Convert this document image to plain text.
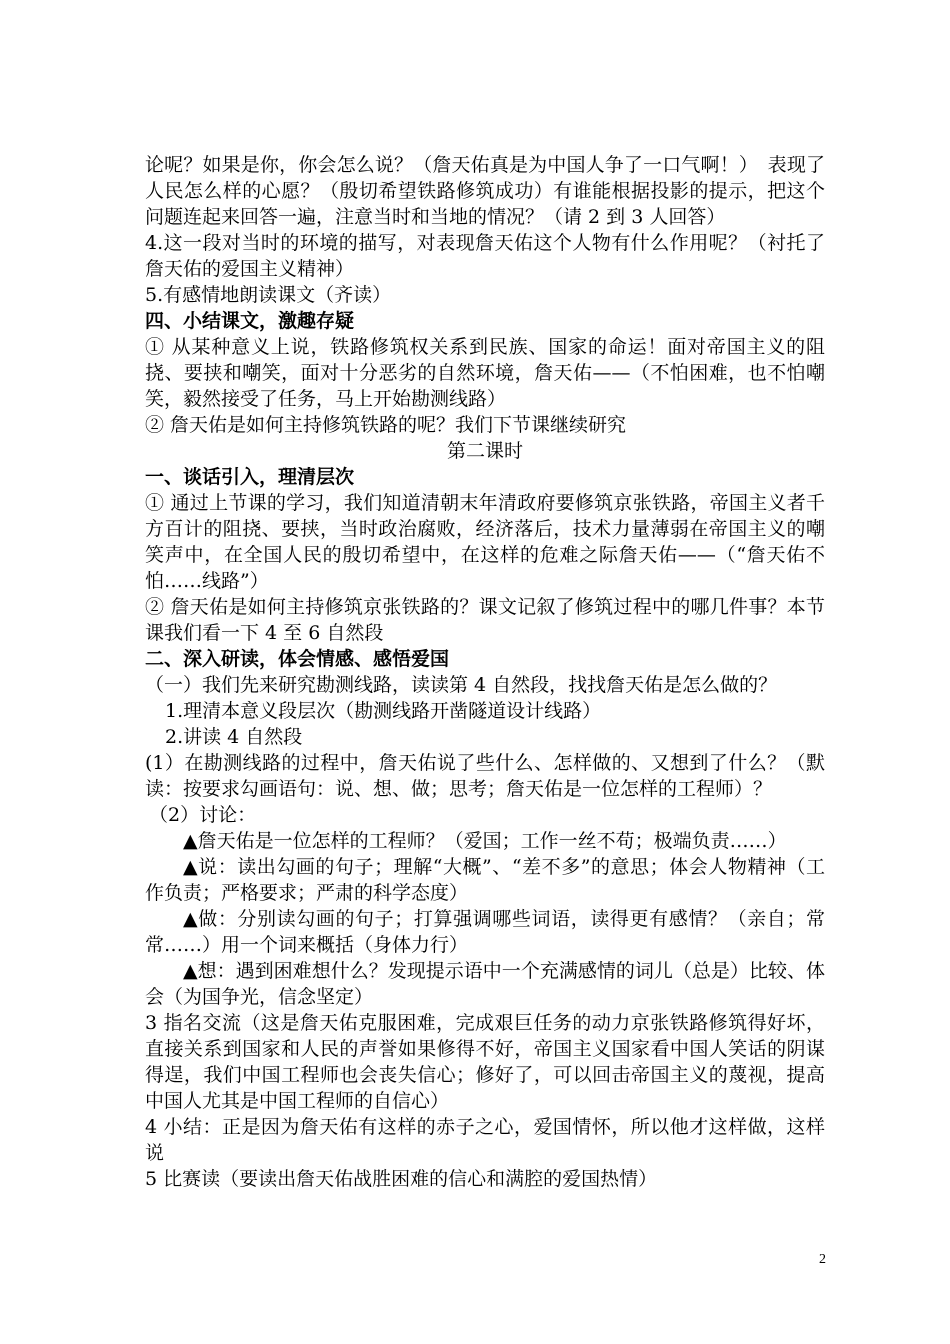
论呢？如果是你，你会怎么说？（詹天佑真是为中国人争了一口气啊！）　表现了人民怎么样的心愿？（殷切希望铁路修筑成功）有谁能根据投影的提示，把这个问题连起来回答一遍，注意当时和当地的情况？（请 2 到 3 人回答）
4.这一段对当时的环境的描写，对表现詹天佑这个人物有什么作用呢？（衬托了詹天佑的爱国主义精神）
5.有感情地朗读课文（齐读）
四、小结课文，激趣存疑
① 从某种意义上说，铁路修筑权关系到民族、国家的命运！面对帝国主义的阻挠、要挟和嘲笑，面对十分恶劣的自然环境，詹天佑——（不怕困难，也不怕嘲笑，毅然接受了任务，马上开始勘测线路）
② 詹天佑是如何主持修筑铁路的呢？我们下节课继续研究
第二课时
一、谈话引入，理清层次
① 通过上节课的学习，我们知道清朝末年清政府要修筑京张铁路，帝国主义者千方百计的阻挠、要挟，当时政治腐败，经济落后，技术力量薄弱在帝国主义的嘲笑声中，在全国人民的殷切希望中，在这样的危难之际詹天佑——（“詹天佑不怕……线路”）
② 詹天佑是如何主持修筑京张铁路的？课文记叙了修筑过程中的哪几件事？本节课我们看一下 4 至 6 自然段
二、深入研读，体会情感、感悟爱国
（一）我们先来研究勘测线路，读读第 4 自然段，找找詹天佑是怎么做的？
1.理清本意义段层次（勘测线路开凿隧道设计线路）
2.讲读 4 自然段
(1）在勘测线路的过程中，詹天佑说了些什么、怎样做的、又想到了什么？（默读：按要求勾画语句：说、想、做；思考；詹天佑是一位怎样的工程师）？
（2）讨论：
▲詹天佑是一位怎样的工程师？（爱国；工作一丝不苟；极端负责……）
▲说：读出勾画的句子；理解“大概”、“差不多”的意思；体会人物精神（工作负责；严格要求；严肃的科学态度）
▲做：分别读勾画的句子；打算强调哪些词语，读得更有感情？（亲自；常常……）用一个词来概括（身体力行）
▲想：遇到困难想什么？发现提示语中一个充满感情的词儿（总是）比较、体会（为国争光，信念坚定）
3 指名交流（这是詹天佑克服困难，完成艰巨任务的动力京张铁路修筑得好坏，直接关系到国家和人民的声誉如果修得不好，帝国主义国家看中国人笑话的阴谋得逞，我们中国工程师也会丧失信心；修好了，可以回击帝国主义的蔑视，提高中国人尤其是中国工程师的自信心）
4 小结：正是因为詹天佑有这样的赤子之心，爱国情怀，所以他才这样做，这样说
5 比赛读（要读出詹天佑战胜困难的信心和满腔的爱国热情）
2
